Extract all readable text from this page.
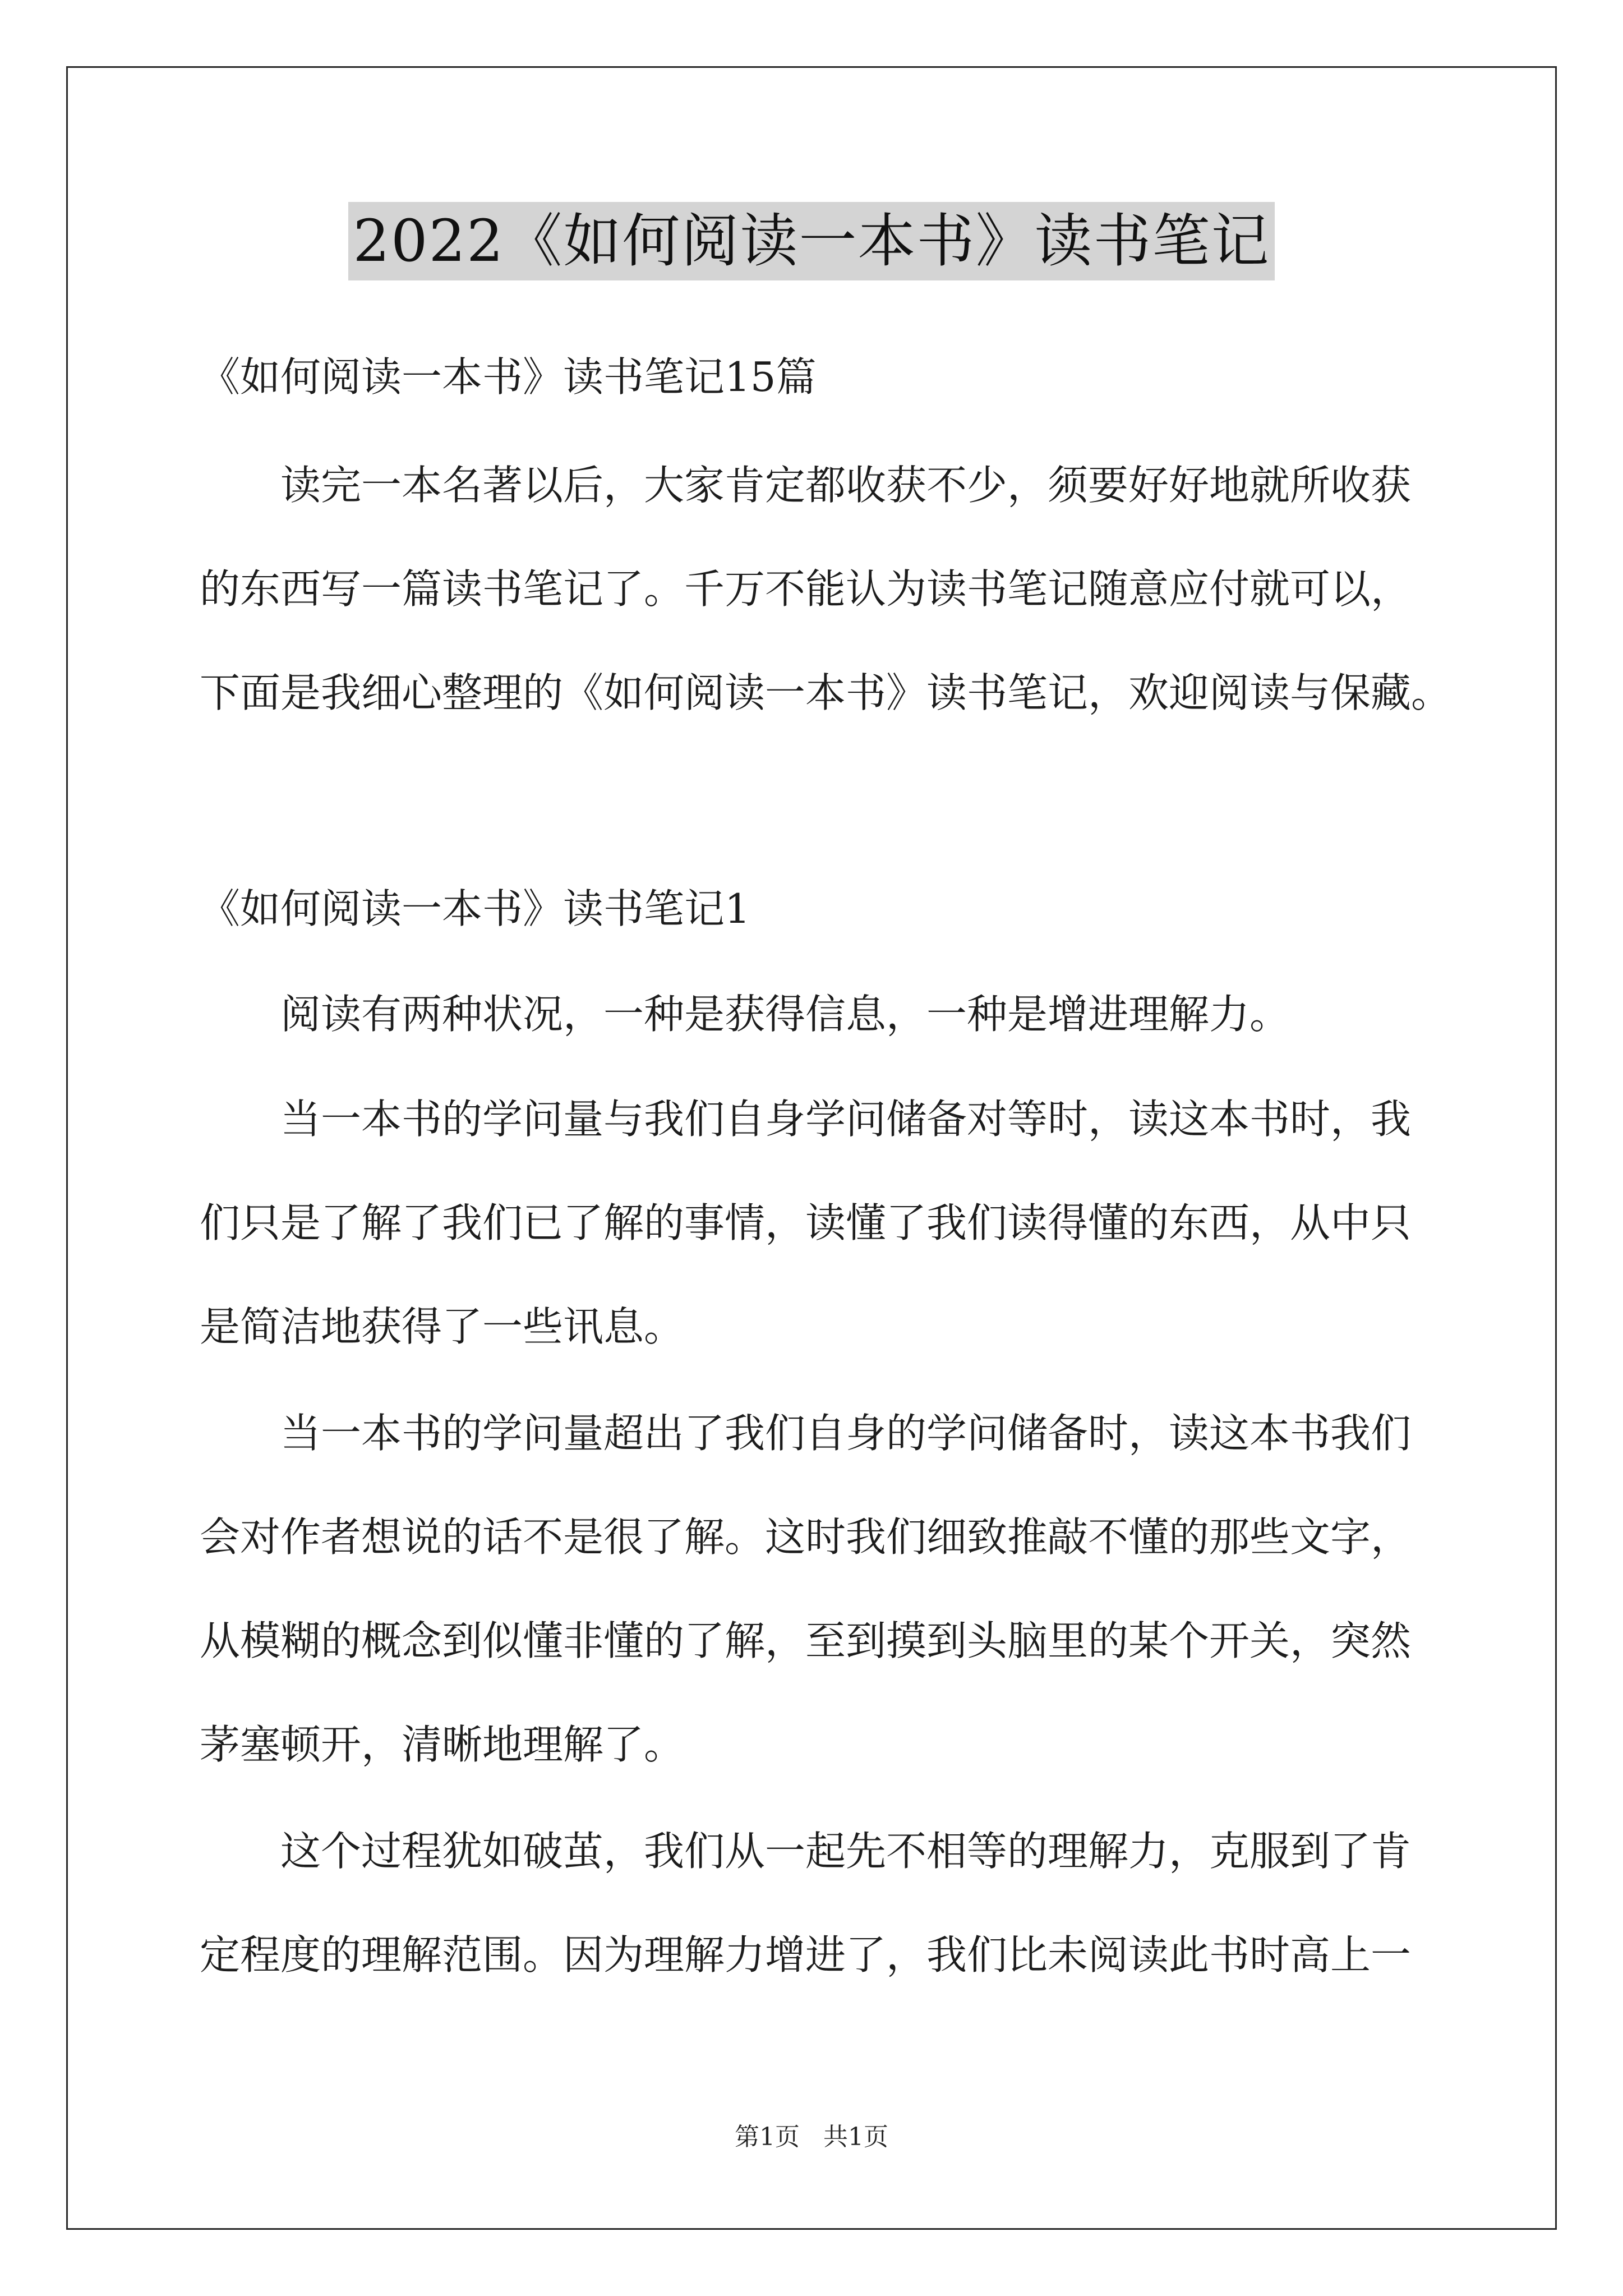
2022《如何阅读一本书》读书笔记
《如何阅读一本书》读书笔记15篇
读完一本名著以后，大家肯定都收获不少，须要好好地就所收获
的东西写一篇读书笔记了。千万不能认为读书笔记随意应付就可以，
下面是我细心整理的《如何阅读一本书》读书笔记，欢迎阅读与保藏。
《如何阅读一本书》读书笔记1
阅读有两种状况，一种是获得信息，一种是增进理解力。
当一本书的学问量与我们自身学问储备对等时，读这本书时，我
们只是了解了我们已了解的事情，读懂了我们读得懂的东西，从中只
是简洁地获得了一些讯息。
当一本书的学问量超出了我们自身的学问储备时，读这本书我们
会对作者想说的话不是很了解。这时我们细致推敲不懂的那些文字，
从模糊的概念到似懂非懂的了解，至到摸到头脑里的某个开关，突然
茅塞顿开，清晰地理解了。
这个过程犹如破茧，我们从一起先不相等的理解力，克服到了肯
定程度的理解范围。因为理解力增进了，我们比未阅读此书时高上一
第1页 共1页
